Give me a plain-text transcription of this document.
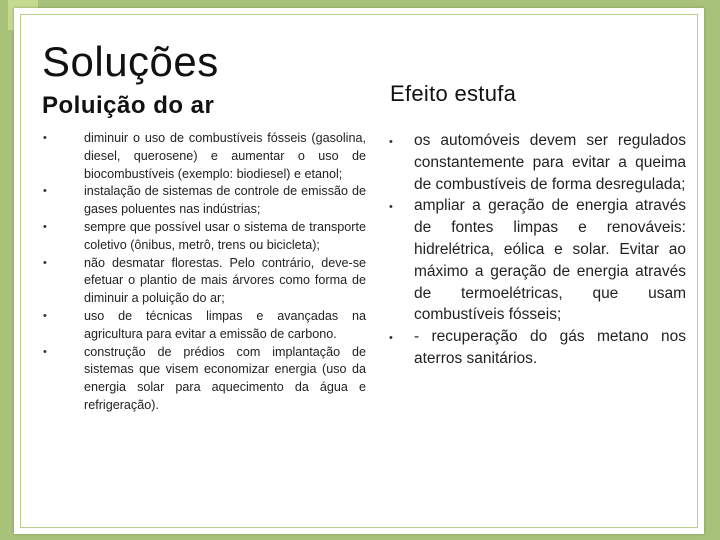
Soluções
Poluição do ar	Efeito estufa
•	diminuir o uso de combustíveis fósseis (gasolina, diesel, querosene) e aumentar o uso de biocombustíveis (exemplo: biodiesel) e etanol;
•	instalação de sistemas de controle de emissão de gases poluentes nas indústrias;
•	sempre que possível usar o sistema de transporte coletivo (ônibus, metrô, trens ou bicicleta);
•	não desmatar florestas. Pelo contrário, deve-se efetuar o plantio de mais árvores como forma de diminuir a poluição do ar;
•	uso de técnicas limpas e avançadas na agricultura para evitar a emissão de carbono.
•	construção de prédios com implantação de sistemas que visem economizar energia (uso da energia solar para aquecimento da água e refrigeração).
• os automóveis devem ser regulados constantemente para evitar a queima de combustíveis de forma desregulada;
• ampliar a geração de energia através de fontes limpas e renováveis: hidrelétrica, eólica e solar. Evitar ao máximo a geração de energia através de termoelétricas, que usam combustíveis fósseis;
• - recuperação do gás metano nos aterros sanitários.
